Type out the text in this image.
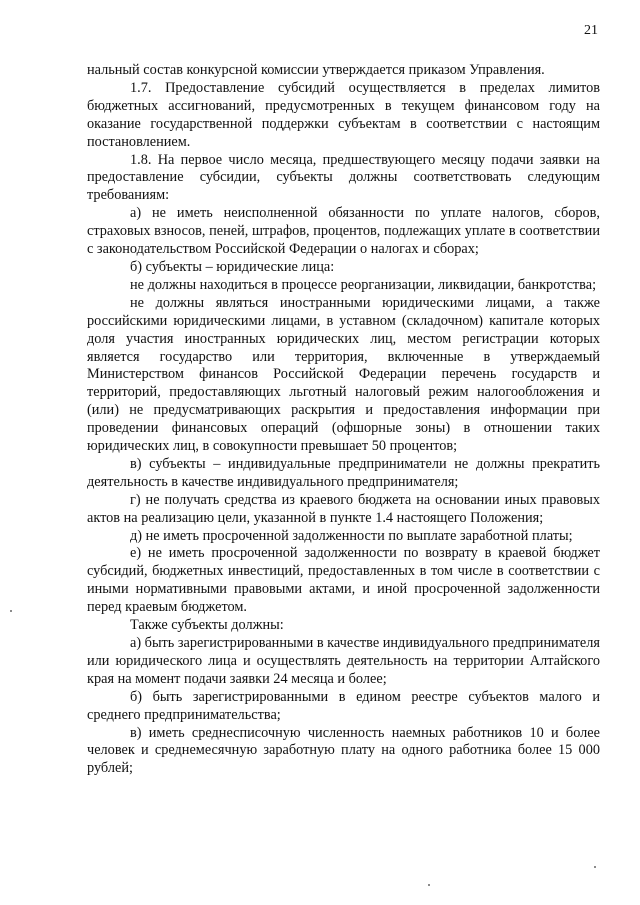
21

нальный состав конкурсной комиссии утверждается приказом Управления.

1.7. Предоставление субсидий осуществляется в пределах лимитов бюджетных ассигнований, предусмотренных в текущем финансовом году на оказание государственной поддержки субъектам в соответствии с настоящим постановлением.

1.8. На первое число месяца, предшествующего месяцу подачи заявки на предоставление субсидии, субъекты должны соответствовать следующим требованиям:

а) не иметь неисполненной обязанности по уплате налогов, сборов, страховых взносов, пеней, штрафов, процентов, подлежащих уплате в соответствии с законодательством Российской Федерации о налогах и сборах;

б) субъекты – юридические лица:

не должны находиться в процессе реорганизации, ликвидации, банкротства;

не должны являться иностранными юридическими лицами, а также российскими юридическими лицами, в уставном (складочном) капитале которых доля участия иностранных юридических лиц, местом регистрации которых является государство или территория, включенные в утверждаемый Министерством финансов Российской Федерации перечень государств и территорий, предоставляющих льготный налоговый режим налогообложения и (или) не предусматривающих раскрытия и предоставления информации при проведении финансовых операций (офшорные зоны) в отношении таких юридических лиц, в совокупности превышает 50 процентов;

в) субъекты – индивидуальные предприниматели не должны прекратить деятельность в качестве индивидуального предпринимателя;

г) не получать средства из краевого бюджета на основании иных правовых актов на реализацию цели, указанной в пункте 1.4 настоящего Положения;

д) не иметь просроченной задолженности по выплате заработной платы;

е) не иметь просроченной задолженности по возврату в краевой бюджет субсидий, бюджетных инвестиций, предоставленных в том числе в соответствии с иными нормативными правовыми актами, и иной просроченной задолженности перед краевым бюджетом.

Также субъекты должны:

а) быть зарегистрированными в качестве индивидуального предпринимателя или юридического лица и осуществлять деятельность на территории Алтайского края на момент подачи заявки 24 месяца и более;

б) быть зарегистрированными в едином реестре субъектов малого и среднего предпринимательства;

в) иметь среднесписочную численность наемных работников 10 и более человек и среднемесячную заработную плату на одного работника более 15 000 рублей;
